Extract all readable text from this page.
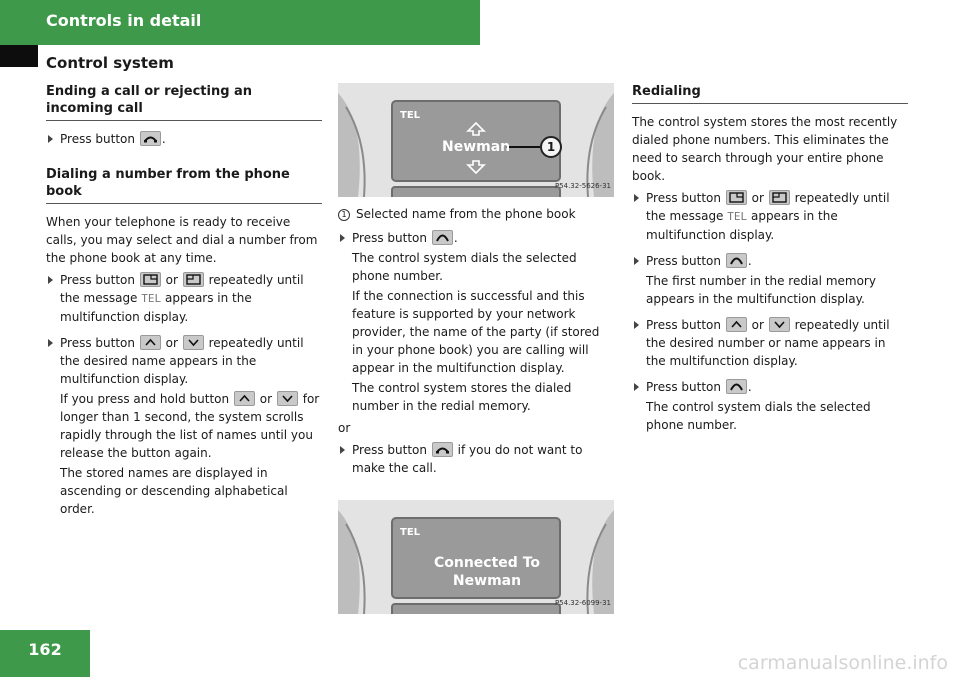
Controls in detail
Control system
Ending a call or rejecting an incoming call
Press button .
Dialing a number from the phone book

When your telephone is ready to receive calls, you may select and dial a number from the phone book at any time.

Press button	or	repeatedly until the message TEL appears in the multifunction display.
Press button	or	repeatedly until the desired name appears in the multifunction display.
If you press and hold button	or	for longer than 1 second, the system scrolls rapidly through the list of names until you release the button again.
The stored names are displayed in ascending or descending alphabetical order.
TEL
Newman	1
P54.32-5626-31

1 Selected name from the phone book

Press button .
The control system dials the selected phone number.
If the connection is successful and this feature is supported by your network provider, the name of the party (if stored in your phone book) you are calling will appear in the multifunction display.
The control system stores the dialed number in the redial memory.

or

Press button	if you do not want to make the call.
TEL
Connected To
Newman
P54.32-6099-31
Redialing

The control system stores the most recently dialed phone numbers. This eliminates the need to search through your entire phone book.

Press button	or	repeatedly until the message TEL appears in the multifunction display.
Press button .
The first number in the redial memory appears in the multifunction display.
Press button	or	repeatedly until the desired number or name appears in the multifunction display.
Press button .
The control system dials the selected phone number.
162
carmanualsonline.info
